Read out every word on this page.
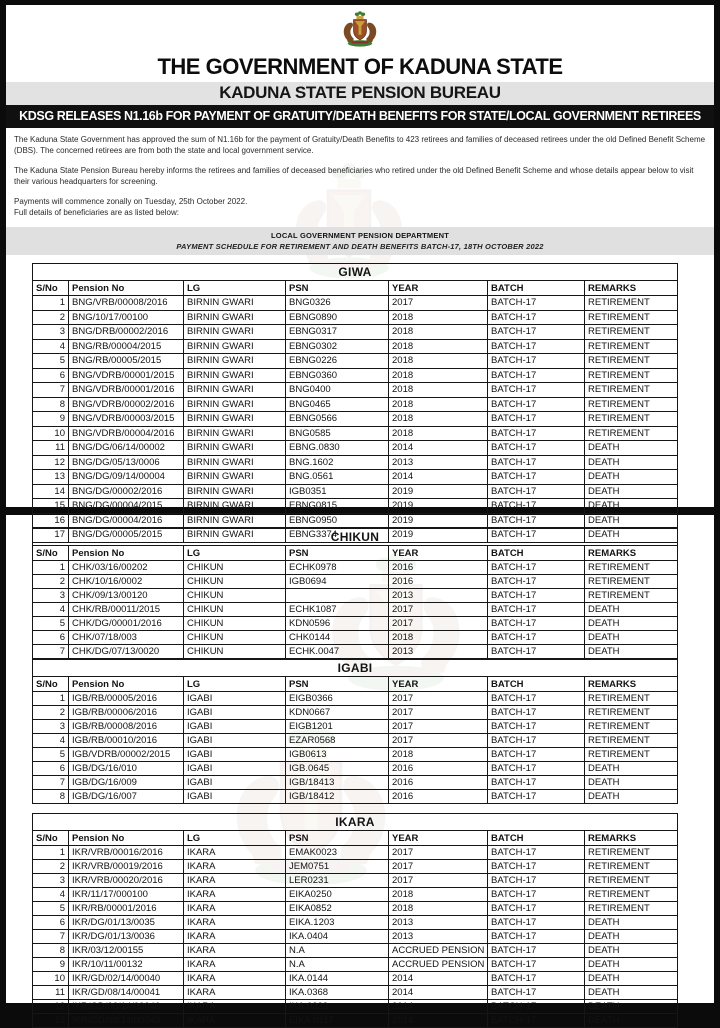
THE GOVERNMENT OF KADUNA STATE
KADUNA STATE PENSION BUREAU
KDSG RELEASES N1.16b FOR PAYMENT OF GRATUITY/DEATH BENEFITS FOR STATE/LOCAL GOVERNMENT RETIREES

The Kaduna State Government has approved the sum of N1.16b for the payment of Gratuity/Death Benefits to 423 retirees and families of deceased retirees under the old Defined Benefit Scheme (DBS). The concerned retirees are from both the state and local government service.

The Kaduna State Pension Bureau hereby informs the retirees and families of deceased beneficiaries who retired under the old Defined Benefit Scheme and whose details appear below to visit their various headquarters for screening.

Payments will commence zonally on Tuesday, 25th October 2022.

Full details of beneficiaries are as listed below:

LOCAL GOVERNMENT PENSION DEPARTMENT
PAYMENT SCHEDULE FOR RETIREMENT AND DEATH BENEFITS BATCH-17, 18TH OCTOBER 2022
GIWA						
S/No	Pension No	LG	PSN	YEAR	BATCH	REMARKS
1	BNG/VRB/00008/2016	BIRNIN GWARI	BNG0326	2017	BATCH-17	RETIREMENT
2	BNG/10/17/00100	BIRNIN GWARI	EBNG0890	2018	BATCH-17	RETIREMENT
3	BNG/DRB/00002/2016	BIRNIN GWARI	EBNG0317	2018	BATCH-17	RETIREMENT
4	BNG/RB/00004/2015	BIRNIN GWARI	EBNG0302	2018	BATCH-17	RETIREMENT
5	BNG/RB/00005/2015	BIRNIN GWARI	EBNG0226	2018	BATCH-17	RETIREMENT
6	BNG/VDRB/00001/2015	BIRNIN GWARI	EBNG0360	2018	BATCH-17	RETIREMENT
7	BNG/VDRB/00001/2016	BIRNIN GWARI	BNG0400	2018	BATCH-17	RETIREMENT
8	BNG/VDRB/00002/2016	BIRNIN GWARI	BNG0465	2018	BATCH-17	RETIREMENT
9	BNG/VDRB/00003/2015	BIRNIN GWARI	EBNG0566	2018	BATCH-17	RETIREMENT
10	BNG/VDRB/00004/2016	BIRNIN GWARI	BNG0585	2018	BATCH-17	RETIREMENT
11	BNG/DG/06/14/00002	BIRNIN GWARI	EBNG.0830	2014	BATCH-17	DEATH
12	BNG/DG/05/13/0006	BIRNIN GWARI	BNG.1602	2013	BATCH-17	DEATH
13	BNG/DG/09/14/00004	BIRNIN GWARI	BNG.0561	2014	BATCH-17	DEATH
14	BNG/DG/00002/2016	BIRNIN GWARI	IGB0351	2019	BATCH-17	DEATH
15	BNG/DG/00004/2015	BIRNIN GWARI	EBNG0815	2019	BATCH-17	DEATH
16	BNG/DG/00004/2016	BIRNIN GWARI	EBNG0950	2019	BATCH-17	DEATH
17	BNG/DG/00005/2015	BIRNIN GWARI	EBNG3374	2019	BATCH-17	DEATH
CHIKUN						
S/No	Pension No	LG	PSN	YEAR	BATCH	REMARKS
1	CHK/03/16/00202	CHIKUN	ECHK0978	2016	BATCH-17	RETIREMENT
2	CHK/10/16/0002	CHIKUN	IGB0694	2016	BATCH-17	RETIREMENT
3	CHK/09/13/00120	CHIKUN		2013	BATCH-17	RETIREMENT
4	CHK/RB/00011/2015	CHIKUN	ECHK1087	2017	BATCH-17	DEATH
5	CHK/DG/00001/2016	CHIKUN	KDN0596	2017	BATCH-17	DEATH
6	CHK/07/18/003	CHIKUN	CHK0144	2018	BATCH-17	DEATH
7	CHK/DG/07/13/0020	CHIKUN	ECHK.0047	2013	BATCH-17	DEATH
IGABI						
S/No	Pension No	LG	PSN	YEAR	BATCH	REMARKS
1	IGB/RB/00005/2016	IGABI	EIGB0366	2017	BATCH-17	RETIREMENT
2	IGB/RB/00006/2016	IGABI	KDN0667	2017	BATCH-17	RETIREMENT
3	IGB/RB/00008/2016	IGABI	EIGB1201	2017	BATCH-17	RETIREMENT
4	IGB/RB/00010/2016	IGABI	EZAR0568	2017	BATCH-17	RETIREMENT
5	IGB/VDRB/00002/2015	IGABI	IGB0613	2018	BATCH-17	RETIREMENT
6	IGB/DG/16/010	IGABI	IGB.0645	2016	BATCH-17	DEATH
7	IGB/DG/16/009	IGABI	IGB/18413	2016	BATCH-17	DEATH
8	IGB/DG/16/007	IGABI	IGB/18412	2016	BATCH-17	DEATH
IKARA						
S/No	Pension No	LG	PSN	YEAR	BATCH	REMARKS
1	IKR/VRB/00016/2016	IKARA	EMAK0023	2017	BATCH-17	RETIREMENT
2	IKR/VRB/00019/2016	IKARA	JEM0751	2017	BATCH-17	RETIREMENT
3	IKR/VRB/00020/2016	IKARA	LER0231	2017	BATCH-17	RETIREMENT
4	IKR/11/17/000100	IKARA	EIKA0250	2018	BATCH-17	RETIREMENT
5	IKR/RB/00001/2016	IKARA	EIKA0852	2018	BATCH-17	RETIREMENT
6	IKR/DG/01/13/0035	IKARA	EIKA.1203	2013	BATCH-17	DEATH
7	IKR/DG/01/13/0036	IKARA	IKA.0404	2013	BATCH-17	DEATH
8	IKR/03/12/00155	IKARA	N.A	ACCRUED PENSION	BATCH-17	DEATH
9	IKR/10/11/00132	IKARA	N.A	ACCRUED PENSION	BATCH-17	DEATH
10	IKR/GD/02/14/00040	IKARA	IKA.0144	2014	BATCH-17	DEATH
11	IKR/GD/08/14/00041	IKARA	IKA.0368	2014	BATCH-17	DEATH
12	IKR/GD/06/14/00046	IKARA	IKA.0323	2014	BATCH-17	DEATH
13	IKR/GD/08/14/00043	IKARA	EIKA.0117	2014	BATCH-17	DEATH
